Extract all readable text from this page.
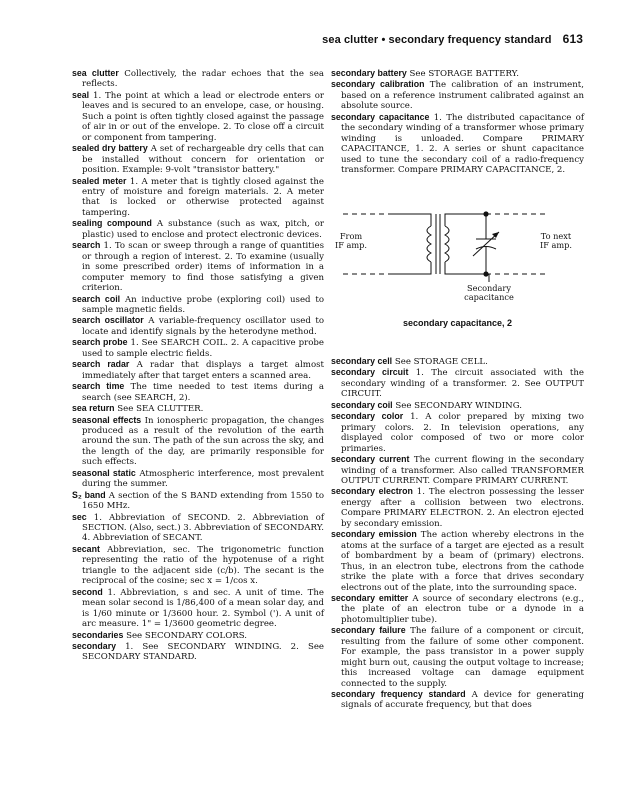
sea clutter • secondary frequency standard 613

sea clutter Collectively, the radar echoes that the sea reflects.

seal 1. The point at which a lead or electrode enters or leaves and is secured to an envelope, case, or housing. Such a point is often tightly closed against the passage of air in or out of the envelope. 2. To close off a circuit or component from tampering.

sealed dry battery A set of rechargeable dry cells that can be installed without concern for orientation or position. Example: 9-volt "transistor battery."

sealed meter 1. A meter that is tightly closed against the entry of moisture and foreign materials. 2. A meter that is locked or otherwise protected against tampering.

sealing compound A substance (such as wax, pitch, or plastic) used to enclose and protect electronic devices.

search 1. To scan or sweep through a range of quantities or through a region of interest. 2. To examine (usually in some prescribed order) items of information in a computer memory to find those satisfying a given criterion.

search coil An inductive probe (exploring coil) used to sample magnetic fields.

search oscillator A variable-frequency oscillator used to locate and identify signals by the heterodyne method.

search probe 1. See SEARCH COIL. 2. A capacitive probe used to sample electric fields.

search radar A radar that displays a target almost immediately after that target enters a scanned area.

search time The time needed to test items during a search (see SEARCH, 2).

sea return See SEA CLUTTER.

seasonal effects In ionospheric propagation, the changes produced as a result of the revolution of the earth around the sun. The path of the sun across the sky, and the length of the day, are primarily responsible for such effects.

seasonal static Atmospheric interference, most prevalent during the summer.

S₂ band A section of the S BAND extending from 1550 to 1650 MHz.

sec 1. Abbreviation of SECOND. 2. Abbreviation of SECTION. (Also, sect.) 3. Abbreviation of SECONDARY. 4. Abbreviation of SECANT.

secant Abbreviation, sec. The trigonometric function representing the ratio of the hypotenuse of a right triangle to the adjacent side (c/b). The secant is the reciprocal of the cosine; sec x = 1/cos x.

second 1. Abbreviation, s and sec. A unit of time. The mean solar second is 1/86,400 of a mean solar day, and is 1/60 minute or 1/3600 hour. 2. Symbol ('). A unit of arc measure. 1" = 1/3600 geometric degree.

secondaries See SECONDARY COLORS.

secondary 1. See SECONDARY WINDING. 2. See SECONDARY STANDARD.

secondary battery See STORAGE BATTERY.

secondary calibration The calibration of an instrument, based on a reference instrument calibrated against an absolute source.

secondary capacitance 1. The distributed capacitance of the secondary winding of a transformer whose primary winding is unloaded. Compare PRIMARY CAPACITANCE, 1. 2. A series or shunt capacitance used to tune the secondary coil of a radio-frequency transformer. Compare PRIMARY CAPACITANCE, 2.

From
IF amp.
To next
IF amp.
Secondary
capacitance
secondary capacitance, 2

secondary cell See STORAGE CELL.

secondary circuit 1. The circuit associated with the secondary winding of a transformer. 2. See OUTPUT CIRCUIT.

secondary coil See SECONDARY WINDING.

secondary color 1. A color prepared by mixing two primary colors. 2. In television operations, any displayed color composed of two or more color primaries.

secondary current The current flowing in the secondary winding of a transformer. Also called TRANSFORMER OUTPUT CURRENT. Compare PRIMARY CURRENT.

secondary electron 1. The electron possessing the lesser energy after a collision between two electrons. Compare PRIMARY ELECTRON. 2. An electron ejected by secondary emission.

secondary emission The action whereby electrons in the atoms at the surface of a target are ejected as a result of bombardment by a beam of (primary) electrons. Thus, in an electron tube, electrons from the cathode strike the plate with a force that drives secondary electrons out of the plate, into the surrounding space.

secondary emitter A source of secondary electrons (e.g., the plate of an electron tube or a dynode in a photomultiplier tube).

secondary failure The failure of a component or circuit, resulting from the failure of some other component. For example, the pass transistor in a power supply might burn out, causing the output voltage to increase; this increased voltage can damage equipment connected to the supply.

secondary frequency standard A device for generating signals of accurate frequency, but that does
